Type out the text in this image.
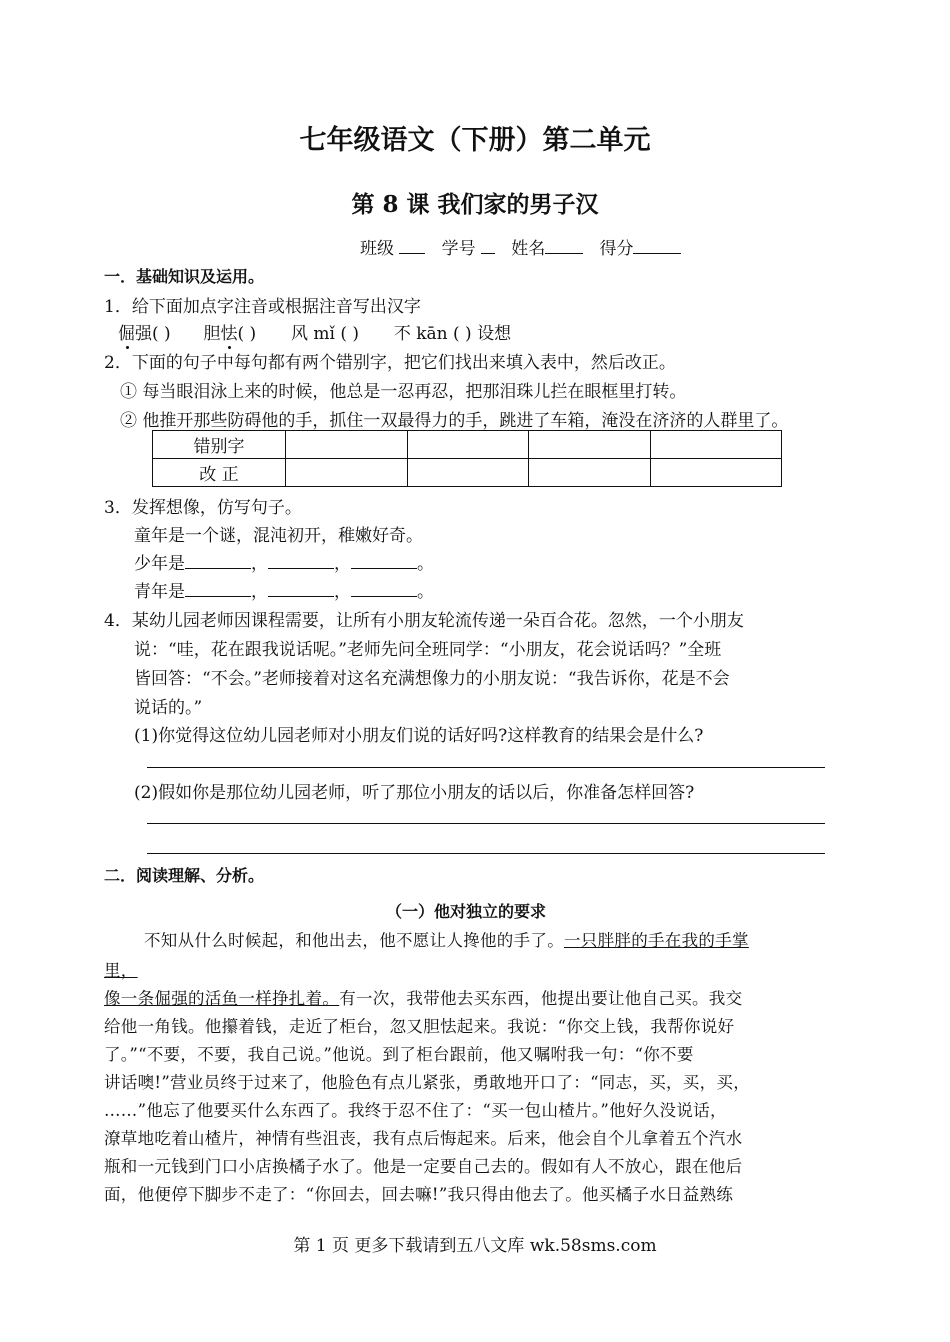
七年级语文（下册）第二单元
第 8 课 我们家的男子汉
班级	学号 姓名	得分
一．基础知识及运用。
1．给下面加点字注音或根据注音写出汉字
倔强( ) 胆怯( ) 风 mǐ ( ) 不 kān ( ) 设想
2．下面的句子中每句都有两个错别字，把它们找出来填入表中，然后改正。
① 每当眼泪泳上来的时候，他总是一忍再忍，把那泪珠儿拦在眼框里打转。
② 他推开那些防碍他的手，抓住一双最得力的手，跳进了车箱，淹没在济济的人群里了。
错别字				
改 正				
3．发挥想像，仿写句子。
童年是一个谜，混沌初开，稚嫩好奇。
少年是	，	，	。
青年是	，	，	。
4．某幼儿园老师因课程需要，让所有小朋友轮流传递一朵百合花。忽然，一个小朋友
说：“哇，花在跟我说话呢。”老师先问全班同学：“小朋友，花会说话吗？”全班
皆回答：“不会。”老师接着对这名充满想像力的小朋友说：“我告诉你，花是不会
说话的。”
(1)你觉得这位幼儿园老师对小朋友们说的话好吗?这样教育的结果会是什么?
(2)假如你是那位幼儿园老师，听了那位小朋友的话以后，你准备怎样回答?
二．阅读理解、分析。
（一）他对独立的要求
不知从什么时候起，和他出去，他不愿让人搀他的手了。一只胖胖的手在我的手掌
里，
像一条倔强的活鱼一样挣扎着。有一次，我带他去买东西，他提出要让他自己买。我交
给他一角钱。他攥着钱，走近了柜台，忽又胆怯起来。我说：“你交上钱，我帮你说好
了。”“不要，不要，我自己说。”他说。到了柜台跟前，他又嘱咐我一句：“你不要
讲话噢!”营业员终于过来了，他脸色有点儿紧张，勇敢地开口了：“同志，买，买，买，
……”他忘了他要买什么东西了。我终于忍不住了：“买一包山楂片。”他好久没说话，
潦草地吃着山楂片，神情有些沮丧，我有点后悔起来。后来，他会自个儿拿着五个汽水
瓶和一元钱到门口小店换橘子水了。他是一定要自己去的。假如有人不放心，跟在他后
面，他便停下脚步不走了：“你回去，回去嘛!”我只得由他去了。他买橘子水日益熟练
第 1 页 更多下载请到五八文库 wk.58sms.com
